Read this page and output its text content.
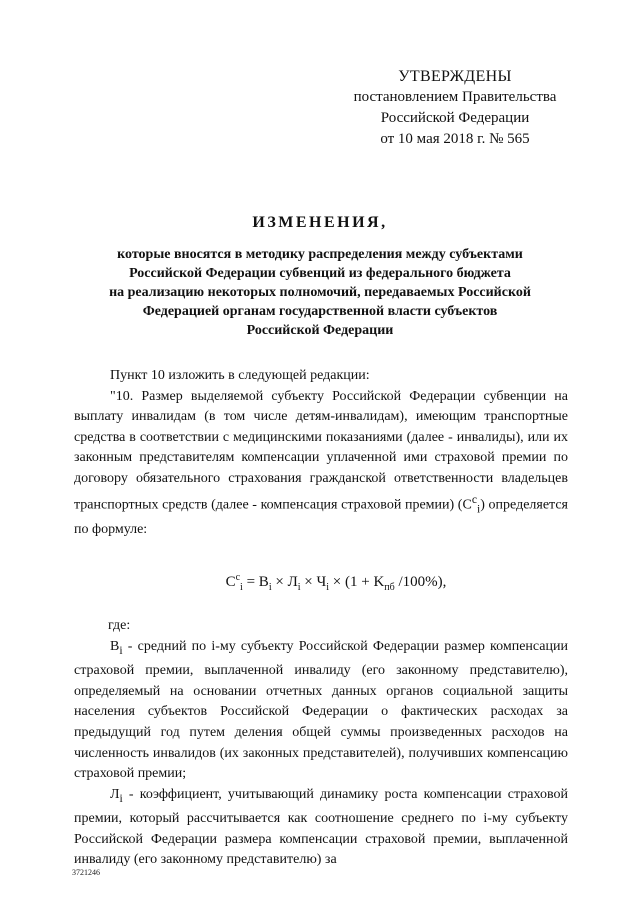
УТВЕРЖДЕНЫ
постановлением Правительства
Российской Федерации
от 10 мая 2018 г. № 565
ИЗМЕНЕНИЯ,
которые вносятся в методику распределения между субъектами
Российской Федерации субвенций из федерального бюджета
на реализацию некоторых полномочий, передаваемых Российской
Федерацией органам государственной власти субъектов
Российской Федерации

Пункт 10 изложить в следующей редакции:

"10. Размер выделяемой субъекту Российской Федерации субвенции на выплату инвалидам (в том числе детям-инвалидам), имеющим транспортные средства в соответствии с медицинскими показаниями (далее - инвалиды), или их законным представителям компенсации уплаченной ими страховой премии по договору обязательного страхования гражданской ответственности владельцев транспортных средств (далее - компенсация страховой премии) $(C^c_i)$ определяется по формуле:

$C^c_i = B_i \times Л_i \times Ч_i \times (1 + K_{пб}$ /100%),

где:

$B_i$ - средний по i-му субъекту Российской Федерации размер компенсации страховой премии, выплаченной инвалиду (его законному представителю), определяемый на основании отчетных данных органов социальной защиты населения субъектов Российской Федерации о фактических расходах за предыдущий год путем деления общей суммы произведенных расходов на численность инвалидов (их законных представителей), получивших компенсацию страховой премии;

$Л_i$ - коэффициент, учитывающий динамику роста компенсации страховой премии, который рассчитывается как соотношение среднего по i-му субъекту Российской Федерации размера компенсации страховой премии, выплаченной инвалиду (его законному представителю) за

3721246
